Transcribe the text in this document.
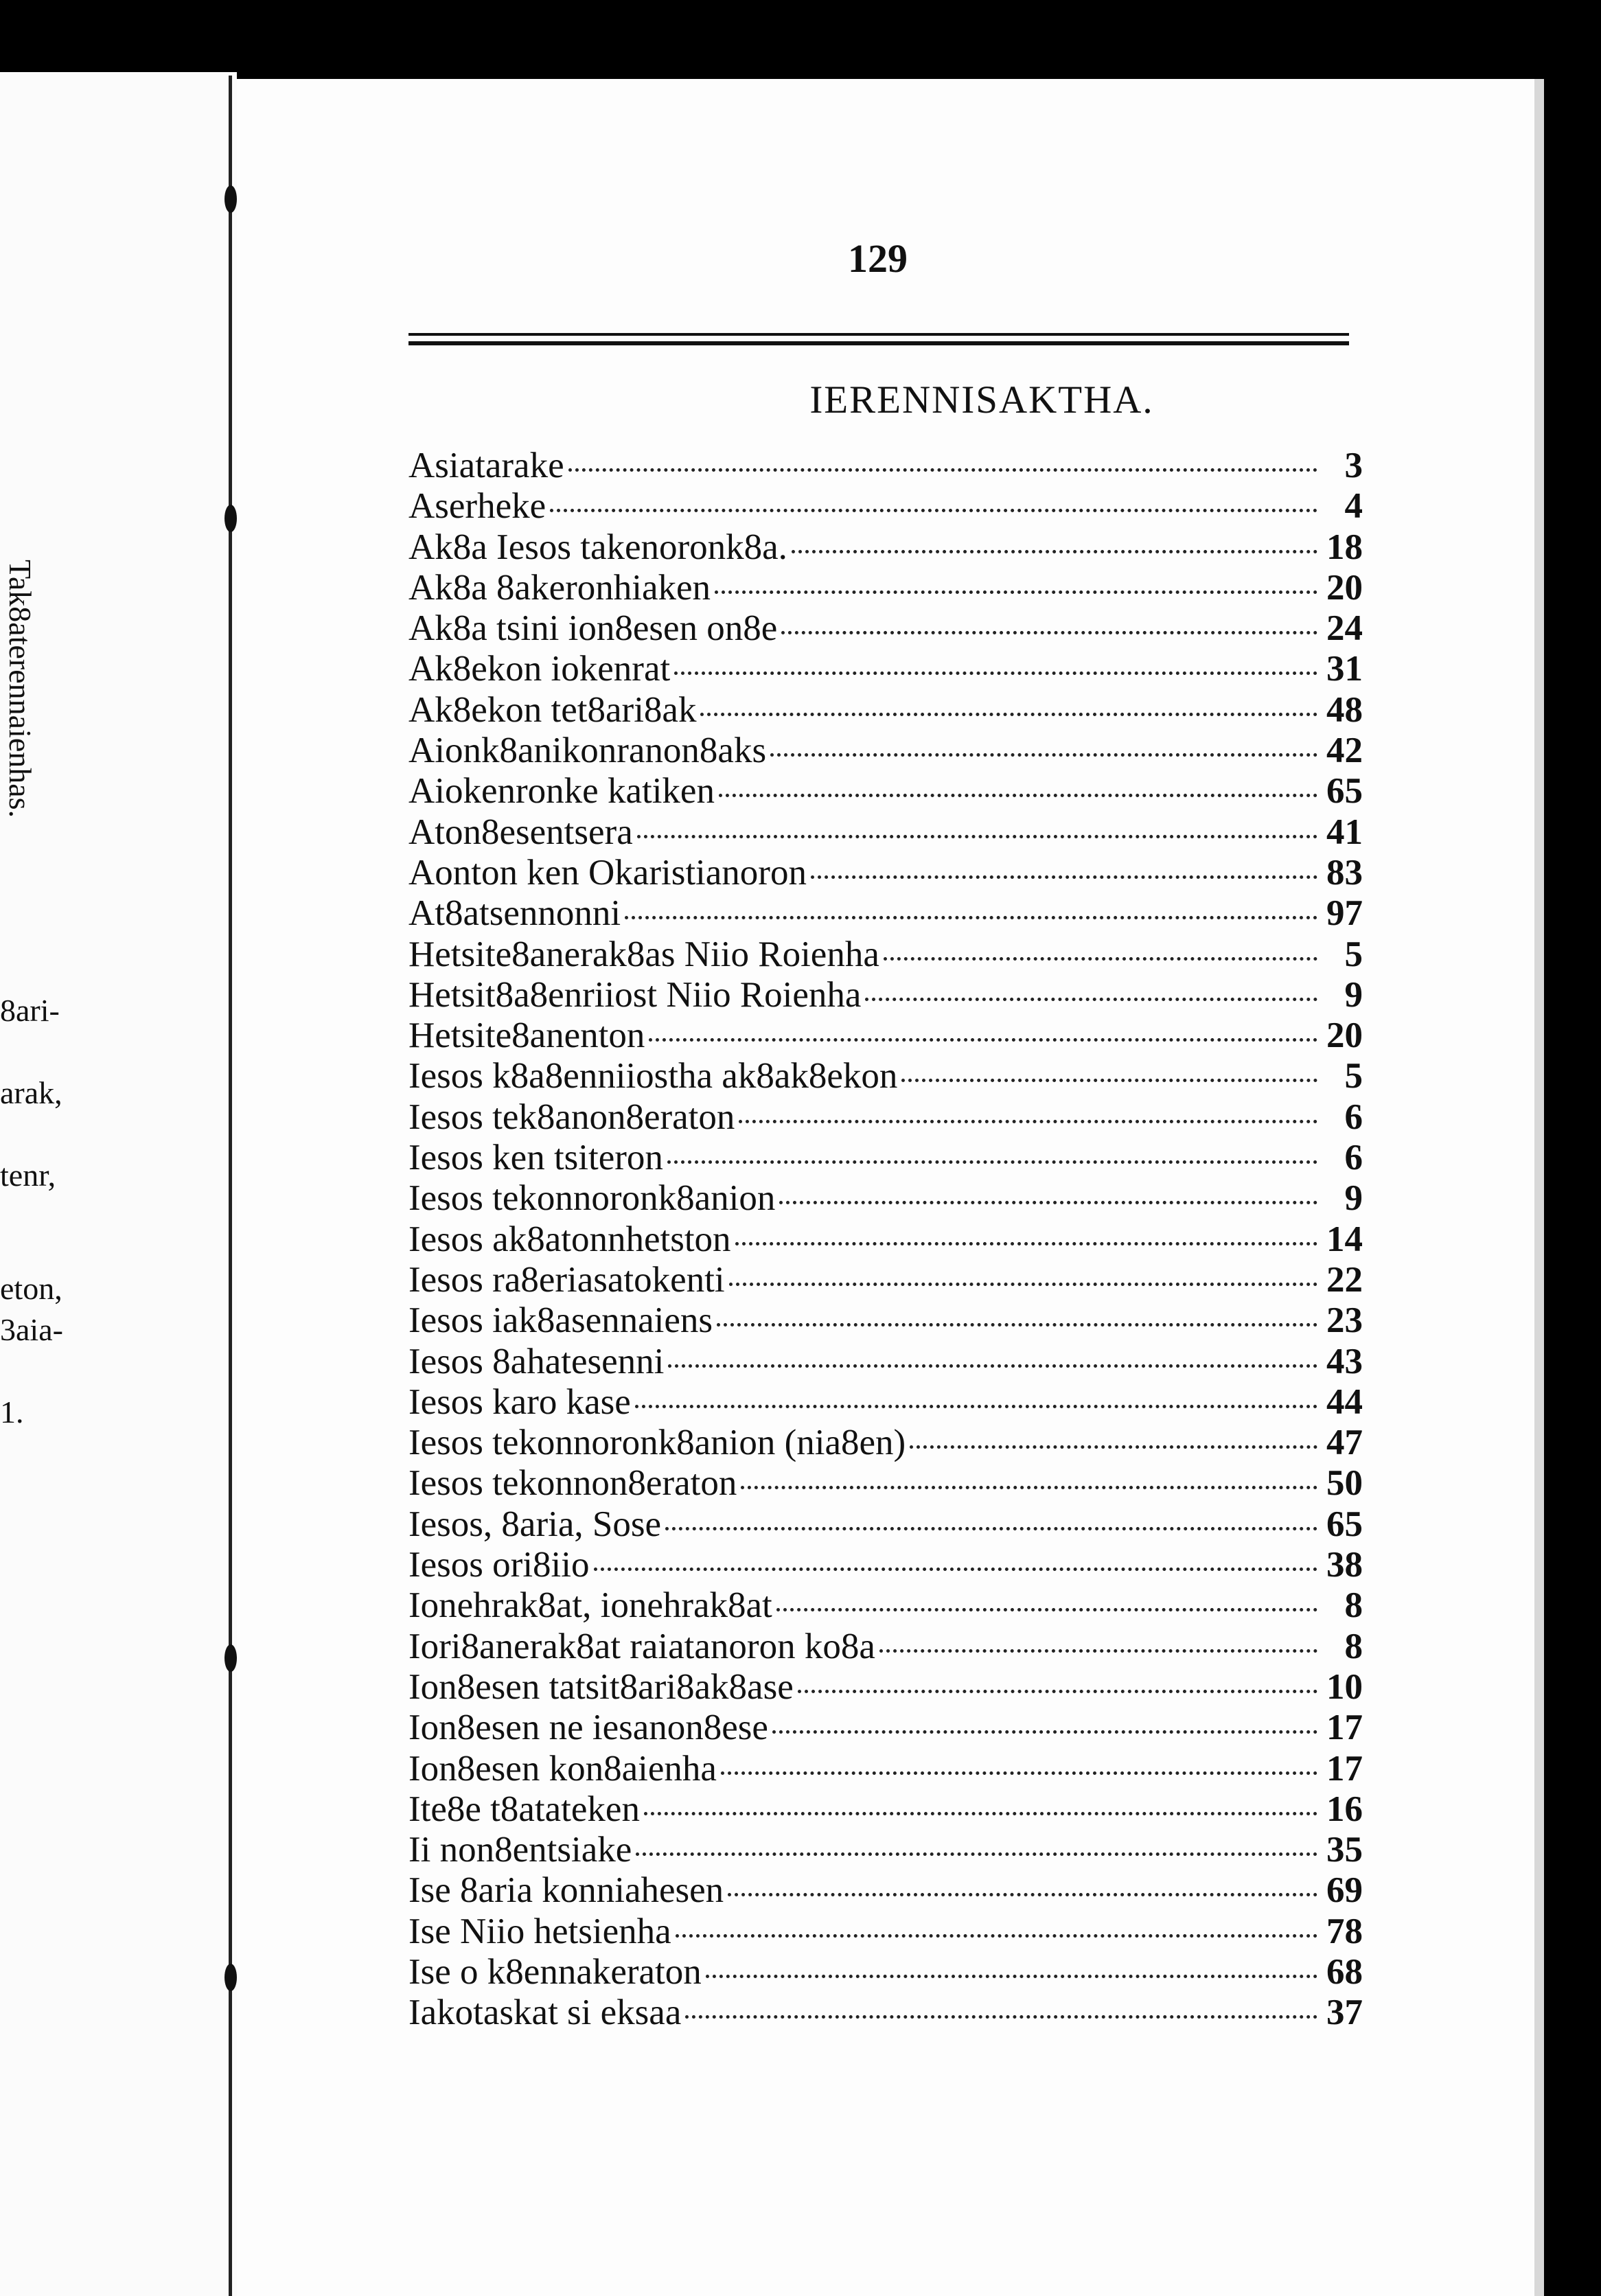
Tak8aterennaienhas.
8ari-
arak,
tenr,
eton,
3aia-
1.
129
IERENNISAKTHA.
Asiatarake	3
Aserheke	4
Ak8a Iesos takenoronk8a.	18
Ak8a 8akeronhiaken	20
Ak8a tsini ion8esen on8e	24
Ak8ekon iokenrat	31
Ak8ekon tet8ari8ak	48
Aionk8anikonranon8aks	42
Aiokenronke katiken	65
Aton8esentsera	41
Aonton ken Okaristianoron	83
At8atsennonni	97
Hetsite8anerak8as Niio Roienha	5
Hetsit8a8enriiost Niio Roienha	9
Hetsite8anenton	20
Iesos k8a8enniiostha ak8ak8ekon	5
Iesos tek8anon8eraton	6
Iesos ken tsiteron	6
Iesos tekonnoronk8anion	9
Iesos ak8atonnhetston	14
Iesos ra8eriasatokenti	22
Iesos iak8asennaiens	23
Iesos 8ahatesenni	43
Iesos karo kase	44
Iesos tekonnoronk8anion (nia8en)	47
Iesos tekonnon8eraton	50
Iesos, 8aria, Sose	65
Iesos ori8iio	38
Ionehrak8at, ionehrak8at	8
Iori8anerak8at raiatanoron ko8a	8
Ion8esen tatsit8ari8ak8ase	10
Ion8esen ne iesanon8ese	17
Ion8esen kon8aienha	17
Ite8e t8atateken	16
Ii non8entsiake	35
Ise 8aria konniahesen	69
Ise Niio hetsienha	78
Ise o k8ennakeraton	68
Iakotaskat si eksaa	37
